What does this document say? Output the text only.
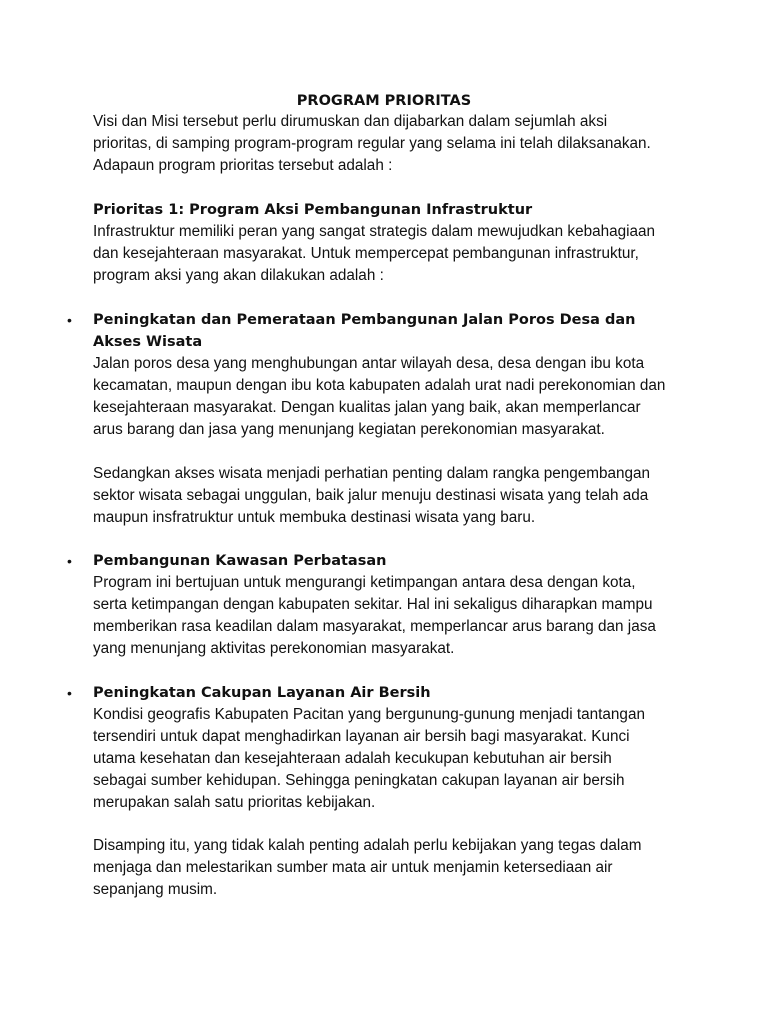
PROGRAM PRIORITAS

Visi dan Misi tersebut perlu dirumuskan dan dijabarkan dalam sejumlah aksi
prioritas, di samping program-program regular yang selama ini telah dilaksanakan.
Adapaun program prioritas tersebut adalah :

Prioritas 1: Program Aksi Pembangunan Infrastruktur

Infrastruktur memiliki peran yang sangat strategis dalam mewujudkan kebahagiaan
dan kesejahteraan masyarakat. Untuk mempercepat pembangunan infrastruktur,
program aksi yang akan dilakukan adalah :

• Peningkatan dan Pemerataan Pembangunan Jalan Poros Desa dan
Akses Wisata

Jalan poros desa yang menghubungan antar wilayah desa, desa dengan ibu kota
kecamatan, maupun dengan ibu kota kabupaten adalah urat nadi perekonomian dan
kesejahteraan masyarakat. Dengan kualitas jalan yang baik, akan memperlancar
arus barang dan jasa yang menunjang kegiatan perekonomian masyarakat.

Sedangkan akses wisata menjadi perhatian penting dalam rangka pengembangan
sektor wisata sebagai unggulan, baik jalur menuju destinasi wisata yang telah ada
maupun insfratruktur untuk membuka destinasi wisata yang baru.

• Pembangunan Kawasan Perbatasan

Program ini bertujuan untuk mengurangi ketimpangan antara desa dengan kota,
serta ketimpangan dengan kabupaten sekitar. Hal ini sekaligus diharapkan mampu
memberikan rasa keadilan dalam masyarakat, memperlancar arus barang dan jasa
yang menunjang aktivitas perekonomian masyarakat.

• Peningkatan Cakupan Layanan Air Bersih

Kondisi geografis Kabupaten Pacitan yang bergunung-gunung menjadi tantangan
tersendiri untuk dapat menghadirkan layanan air bersih bagi masyarakat. Kunci
utama kesehatan dan kesejahteraan adalah kecukupan kebutuhan air bersih
sebagai sumber kehidupan. Sehingga peningkatan cakupan layanan air bersih
merupakan salah satu prioritas kebijakan.

Disamping itu, yang tidak kalah penting adalah perlu kebijakan yang tegas dalam
menjaga dan melestarikan sumber mata air untuk menjamin ketersediaan air
sepanjang musim.
